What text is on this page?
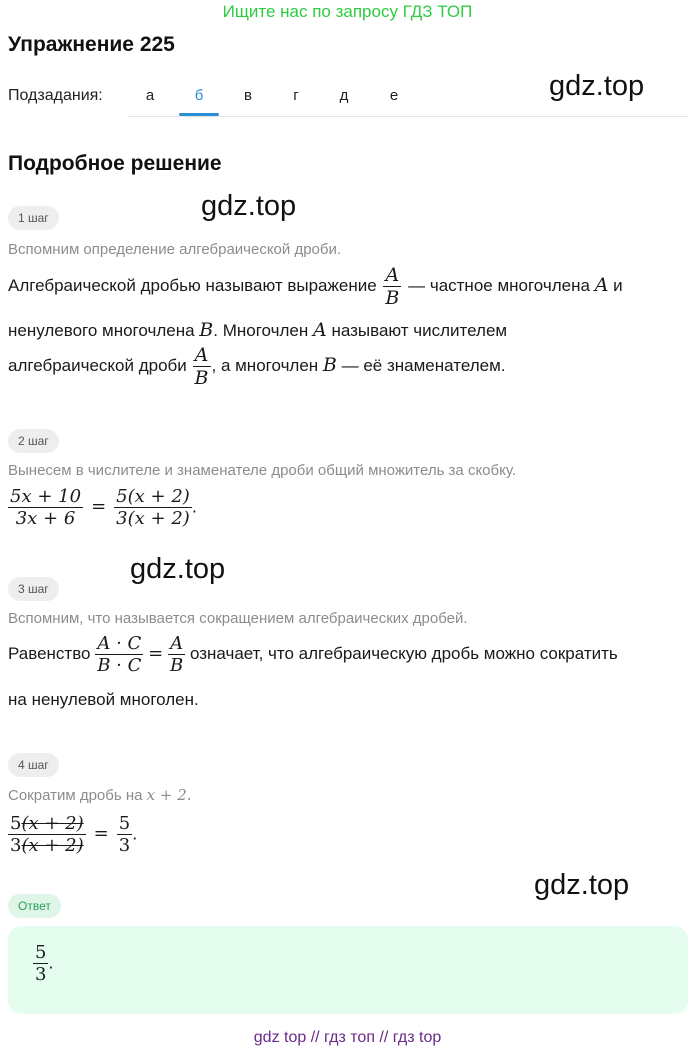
Ищите нас по запросу ГДЗ ТОП
Упражнение 225
Подзадания:	а	б	в	г	д	е	gdz.top
Подробное решение
1 шаг	gdz.top
Вспомним определение алгебраической дроби.
Алгебраической дробью называют выражение $\frac{A}{B}$ — частное многочлена A и
ненулевого многочлена B. Многочлен A называют числителем
алгебраической дроби $\frac{A}{B}$ , а многочлен B — её знаменателем.
2 шаг
Вынесем в числителе и знаменателе дроби общий множитель за скобку.
$\frac{5x + 10}{3x + 6} = \frac{5(x + 2)}{3(x + 2)}$ .
3 шаг
gdz.top
Вспомним, что называется сокращением алгебраических дробей.
Равенство $\frac{A \cdot C}{B \cdot C} = \frac{A}{B}$ означает, что алгебраическую дробь можно сократить
на ненулевой многолен.
4 шаг
Сократим дробь на x + 2.
$\frac{5(x + 2)}{3(x + 2)} = \frac{5}{3}$ .
gdz.top
Ответ
$\frac{5}{3}$ .
gdz top // гдз топ // гдз top
